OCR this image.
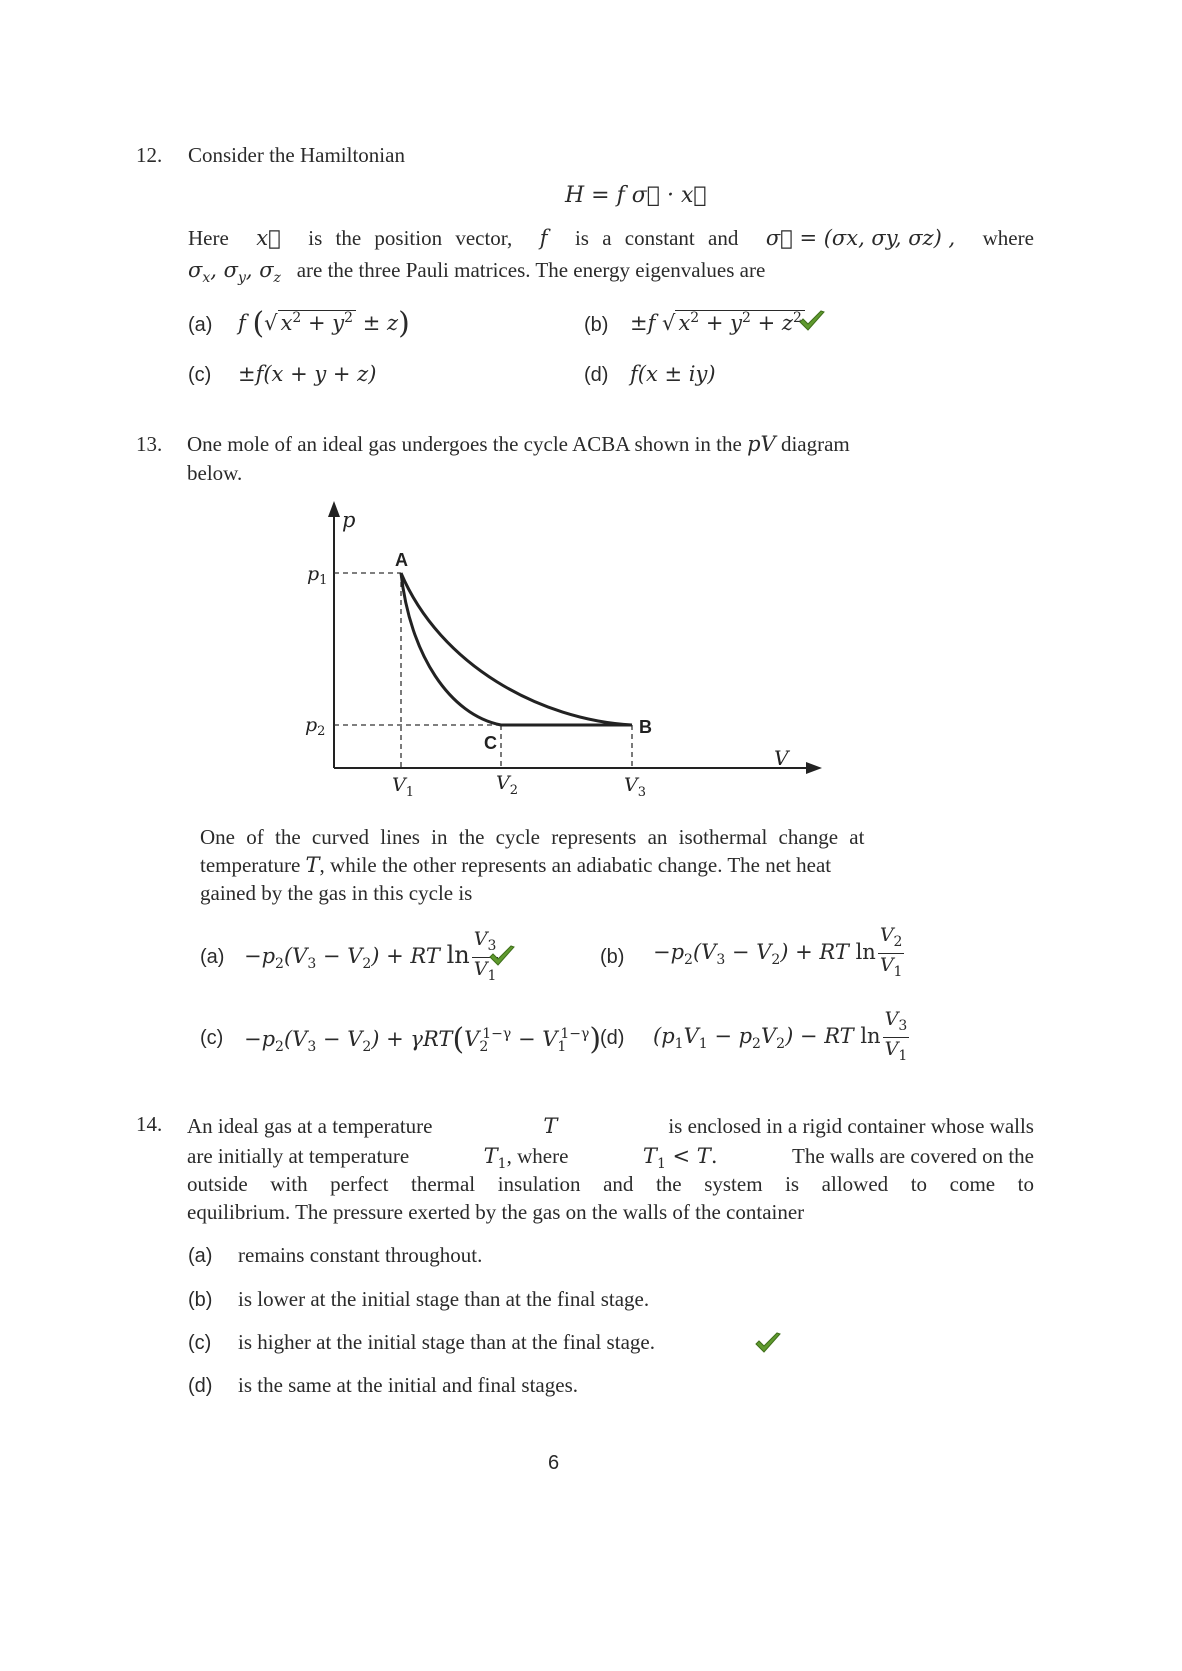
12. Consider the Hamiltonian
H = f σ⃗ · x⃗
Here x⃗ is the position vector, f is a constant and σ⃗ = (σx, σy, σz) , where
$\sigma_x$, $\sigma_y$, $\sigma_z$ are the three Pauli matrices. The energy eigenvalues are
(a) f (√ $x^2 + y^2 \pm z$)	(b) ±f √ $x^2 + y^2 + z^2$
(c) ±f(x + y + z)	(d) f(x ± iy)
13. One mole of an ideal gas undergoes the cycle ACBA shown in the pV diagram
below.
p
V
$p_1$
$p_2$
$V_1$	$V_2$	$V_3$
A
B
C
One of the curved lines in the cycle represents an isothermal change at
temperature T, while the other represents an adiabatic change. The net heat
gained by the gas in this cycle is
$(a) -p_2(V_3 - V_2)$ + RT $\ln \frac{V_3}{V_1}$	$(b) -p_2(V_3 - V_2)$ + RT $\ln \frac{V_2}{V_1}$
$(c) -p_2(V_3 - V_2) + \gamma RT(V_2^{1-\gamma} - V_1^{1-\gamma})$
(d) $(p_1V_1 - p_2V_2)$ − RT $\ln \frac{V_3}{V_1}$
14. An ideal gas at a temperature	T	is enclosed in a rigid container whose walls
are initially at temperature	$T_1$, where	$T_1 < T$.	The walls are covered on the
outside with perfect thermal insulation and the system is allowed to come to
equilibrium. The pressure exerted by the gas on the walls of the container
(a) remains constant throughout.
(b) is lower at the initial stage than at the final stage.
(c) is higher at the initial stage than at the final stage.
(d) is the same at the initial and final stages.
6
